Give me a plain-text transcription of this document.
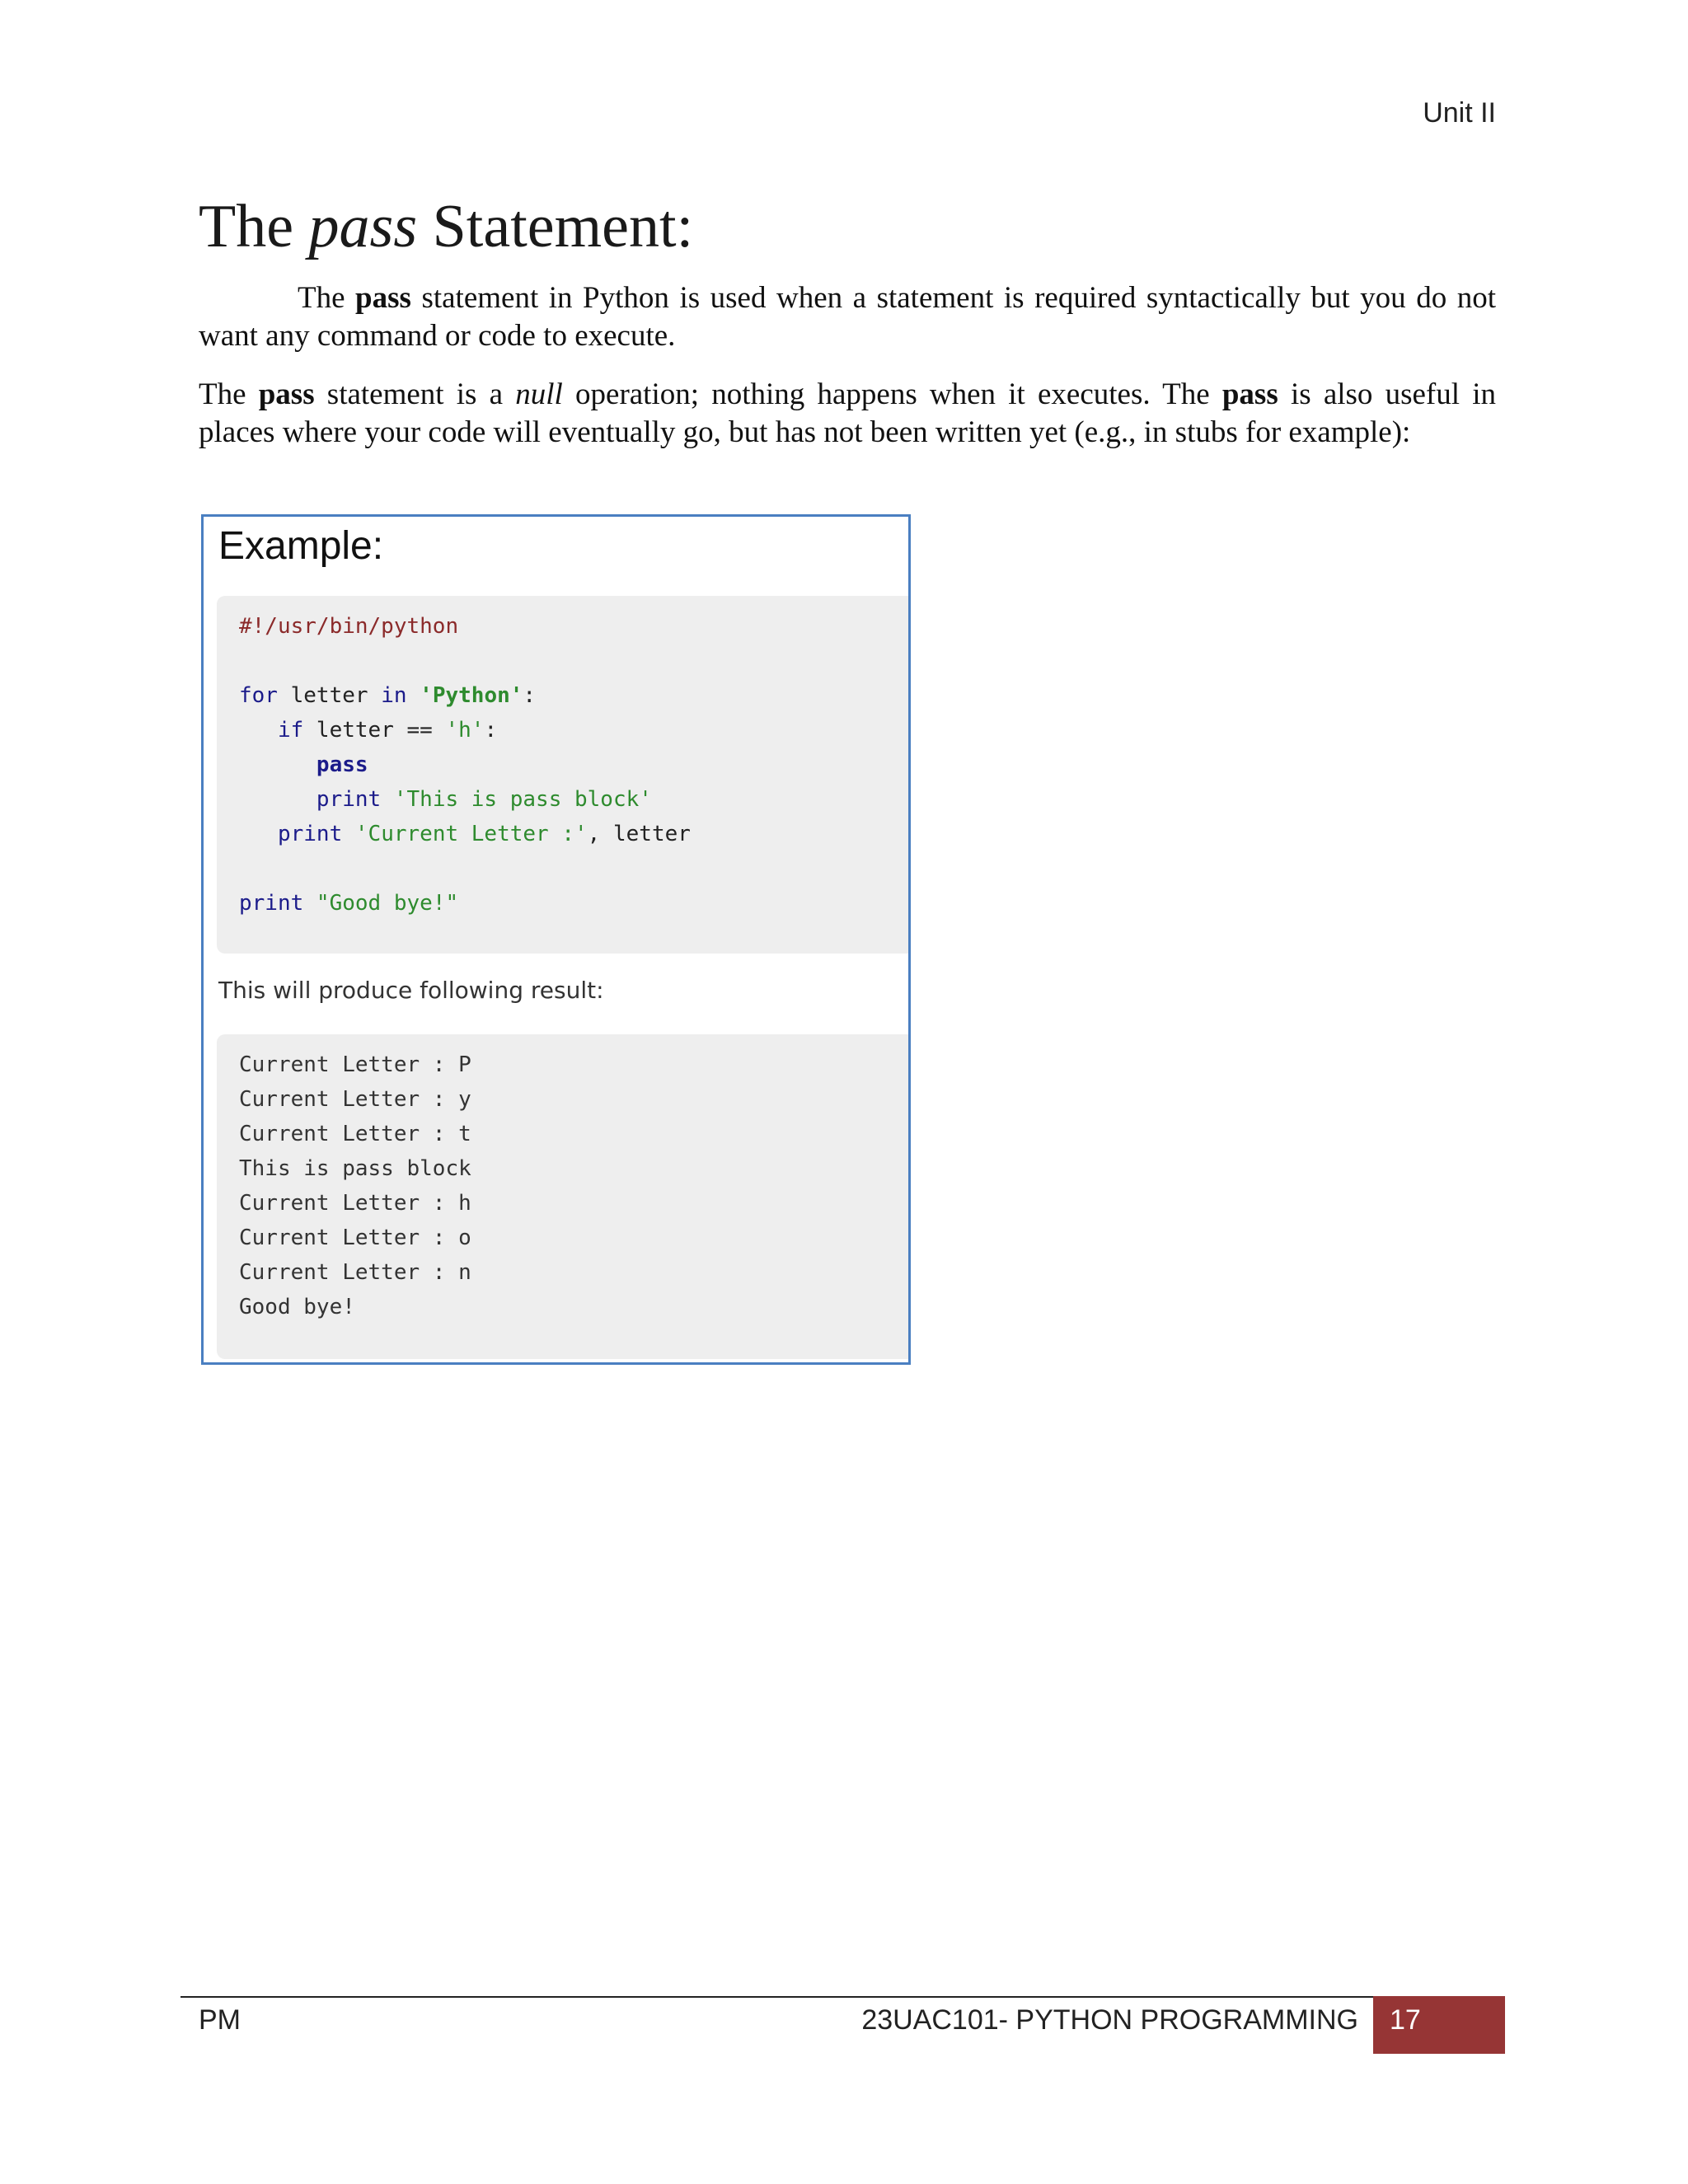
Unit II
The pass Statement:

The pass statement in Python is used when a statement is required syntactically but you do not want any command or code to execute.

The pass statement is a null operation; nothing happens when it executes. The pass is also useful in places where your code will eventually go, but has not been written yet (e.g., in stubs for example):

Example:
#!/usr/bin/python
for letter in 'Python':
if letter == 'h':
pass
print 'This is pass block'
print 'Current Letter :', letter
print "Good bye!"
This will produce following result:
Current Letter : P
Current Letter : y
Current Letter : t
This is pass block
Current Letter : h
Current Letter : o
Current Letter : n
Good bye!
PM	23UAC101- PYTHON PROGRAMMING 17
